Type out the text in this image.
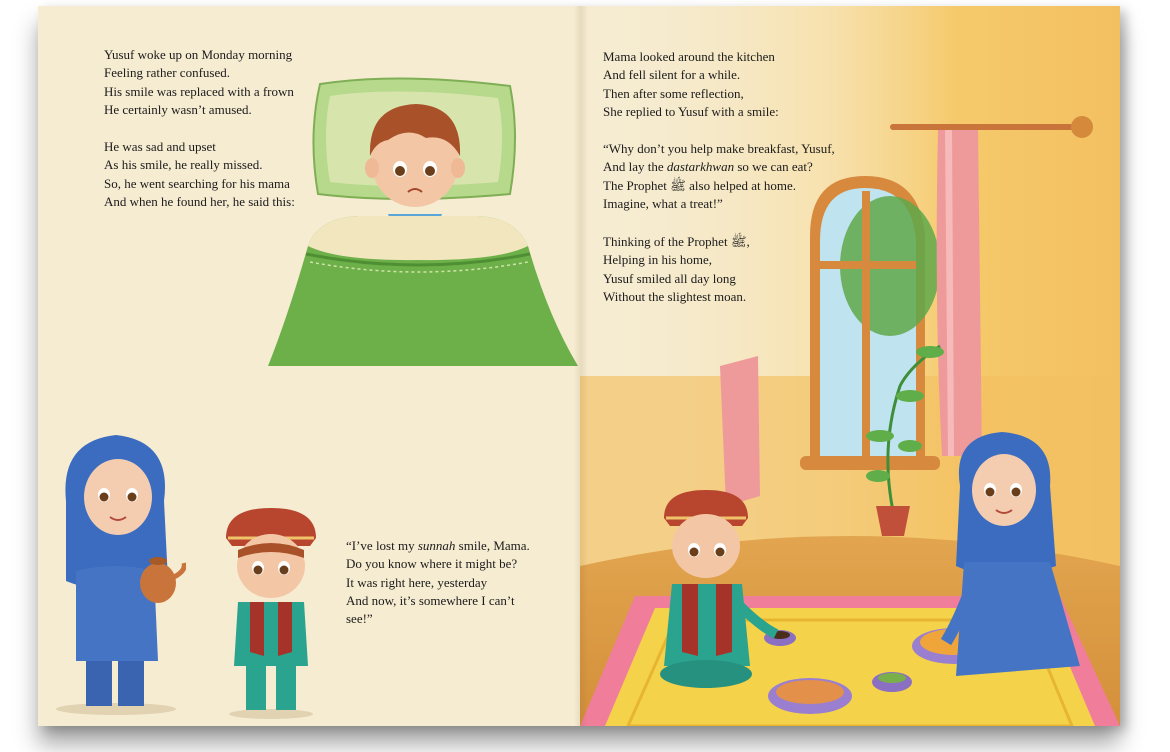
Yusuf woke up on Monday morning
Feeling rather confused.
His smile was replaced with a frown
He certainly wasn’t amused.
He was sad and upset
As his smile, he really missed.
So, he went searching for his mama
And when he found her, he said this:
“I’ve lost my sunnah smile, Mama.
Do you know where it might be?
It was right here, yesterday
And now, it’s somewhere I can’t
see!”
Mama looked around the kitchen
And fell silent for a while.
Then after some reflection,
She replied to Yusuf with a smile:
“Why don’t you help make breakfast, Yusuf,
And lay the dastarkhwan so we can eat?
The Prophet ﷺ also helped at home.
Imagine, what a treat!”
Thinking of the Prophet ﷺ,
Helping in his home,
Yusuf smiled all day long
Without the slightest moan.
